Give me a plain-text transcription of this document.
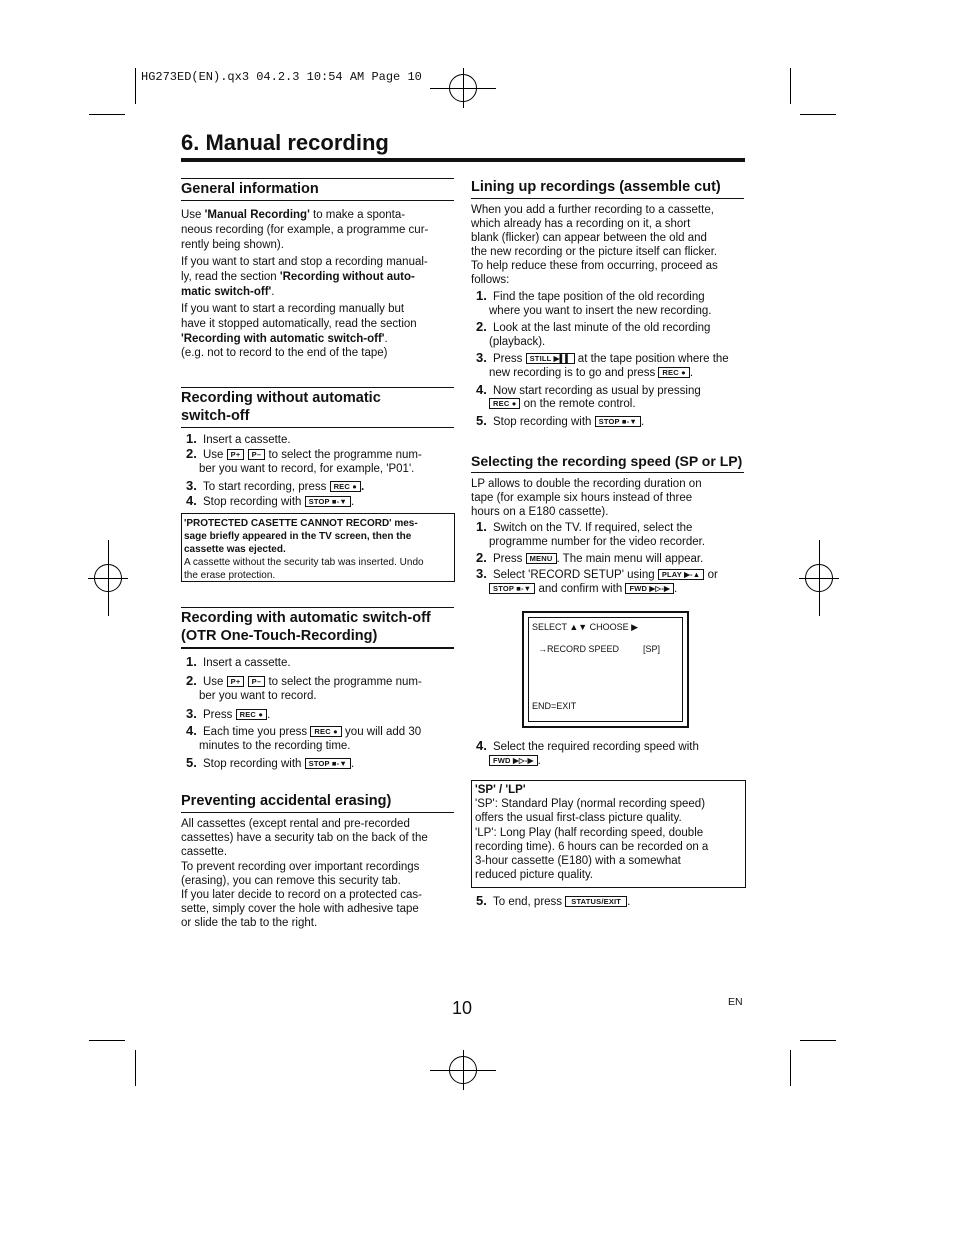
HG273ED(EN).qx3 04.2.3 10:54 AM Page 10
6. Manual recording
General information
Use 'Manual Recording' to make a sponta-
neous recording (for example, a programme cur-
rently being shown).
If you want to start and stop a recording manual-
ly, read the section 'Recording without auto-
matic switch-off'.
If you want to start a recording manually but
have it stopped automatically, read the section
'Recording with automatic switch-off'.
(e.g. not to record to the end of the tape)
Recording without automatic
switch-off
1. Insert a cassette.
2. Use P+ P– to select the programme num-
ber you want to record, for example, 'P01'.
3. To start recording, press REC ● .
4. Stop recording with STOP ■-▼ .
'PROTECTED CASETTE CANNOT RECORD' mes-
sage briefly appeared in the TV screen, then the
cassette was ejected.
A cassette without the security tab was inserted. Undo
the erase protection.
Recording with automatic switch-off
(OTR One-Touch-Recording)
1. Insert a cassette.
2. Use P+ P– to select the programme num-
ber you want to record.
3. Press REC ● .
4. Each time you press REC ● you will add 30
minutes to the recording time.
5. Stop recording with STOP ■-▼ .
Preventing accidental erasing)
All cassettes (except rental and pre-recorded
cassettes) have a security tab on the back of the
cassette.
To prevent recording over important recordings
(erasing), you can remove this security tab.
If you later decide to record on a protected cas-
sette, simply cover the hole with adhesive tape
or slide the tab to the right.
Lining up recordings (assemble cut)
When you add a further recording to a cassette,
which already has a recording on it, a short
blank (flicker) can appear between the old and
the new recording or the picture itself can flicker.
To help reduce these from occurring, proceed as
follows:
1. Find the tape position of the old recording
where you want to insert the new recording.
2. Look at the last minute of the old recording
(playback).
3. Press STILL ▶▌▌ at the tape position where the
new recording is to go and press REC ● .
4. Now start recording as usual by pressing
REC ● on the remote control.
5. Stop recording with STOP ■-▼ .
Selecting the recording speed (SP or LP)
LP allows to double the recording duration on
tape (for example six hours instead of three
hours on a E180 cassette).
1. Switch on the TV. If required, select the
programme number for the video recorder.
2. Press MENU . The main menu will appear.
3. Select 'RECORD SETUP' using PLAY ▶-▲ or
STOP ■-▼ and confirm with FWD ▶▷-▶ .
SELECT ▲▼ CHOOSE ▶
→RECORD SPEED	[SP]
END=EXIT
4. Select the required recording speed with
FWD ▶▷-▶ .
'SP' / 'LP'
'SP': Standard Play (normal recording speed)
offers the usual first-class picture quality.
'LP': Long Play (half recording speed, double
recording time). 6 hours can be recorded on a
3-hour cassette (E180) with a somewhat
reduced picture quality.
5. To end, press STATUS/EXIT .
10	EN
